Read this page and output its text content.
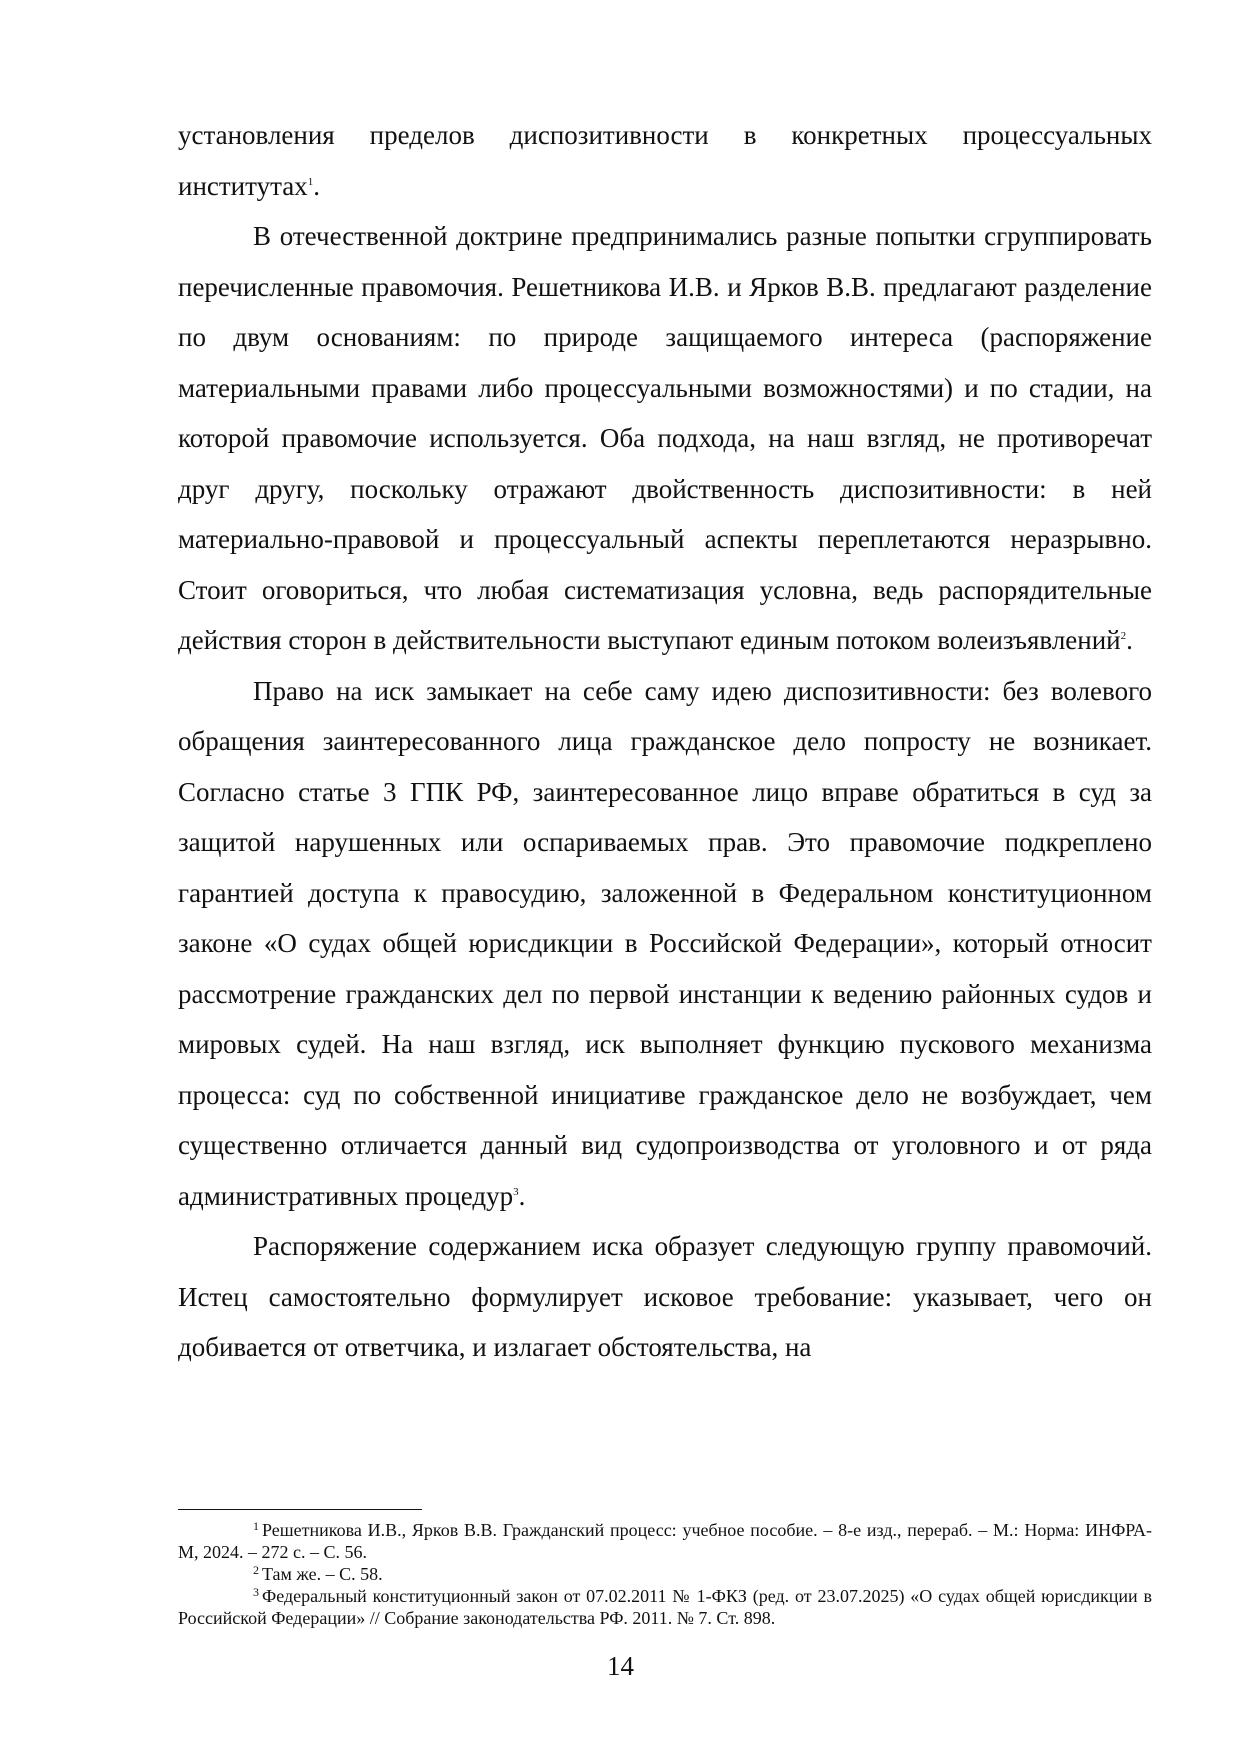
установления пределов диспозитивности в конкретных процессуальных институтах$^1$.

В отечественной доктрине предпринимались разные попытки сгруппировать перечисленные правомочия. Решетникова И.В. и Ярков В.В. предлагают разделение по двум основаниям: по природе защищаемого интереса (распоряжение материальными правами либо процессуальными возможностями) и по стадии, на которой правомочие используется. Оба подхода, на наш взгляд, не противоречат друг другу, поскольку отражают двойственность диспозитивности: в ней материально-правовой и процессуальный аспекты переплетаются неразрывно. Стоит оговориться, что любая систематизация условна, ведь распорядительные действия сторон в действительности выступают единым потоком волеизъявлений$^2$.

Право на иск замыкает на себе саму идею диспозитивности: без волевого обращения заинтересованного лица гражданское дело попросту не возникает. Согласно статье 3 ГПК РФ, заинтересованное лицо вправе обратиться в суд за защитой нарушенных или оспариваемых прав. Это правомочие подкреплено гарантией доступа к правосудию, заложенной в Федеральном конституционном законе «О судах общей юрисдикции в Российской Федерации», который относит рассмотрение гражданских дел по первой инстанции к ведению районных судов и мировых судей. На наш взгляд, иск выполняет функцию пускового механизма процесса: суд по собственной инициативе гражданское дело не возбуждает, чем существенно отличается данный вид судопроизводства от уголовного и от ряда административных процедур$^3$.

Распоряжение содержанием иска образует следующую группу правомочий. Истец самостоятельно формулирует исковое требование: указывает, чего он добивается от ответчика, и излагает обстоятельства, на

$^1$ Решетникова И.В., Ярков В.В. Гражданский процесс: учебное пособие. – 8-е изд., перераб. – М.: Норма: ИНФРА-М, 2024. – 272 с. – С. 56.

$^2$ Там же. – С. 58.

$^3$ Федеральный конституционный закон от 07.02.2011 № 1-ФКЗ (ред. от 23.07.2025) «О судах общей юрисдикции в Российской Федерации» // Собрание законодательства РФ. 2011. № 7. Ст. 898.

14
